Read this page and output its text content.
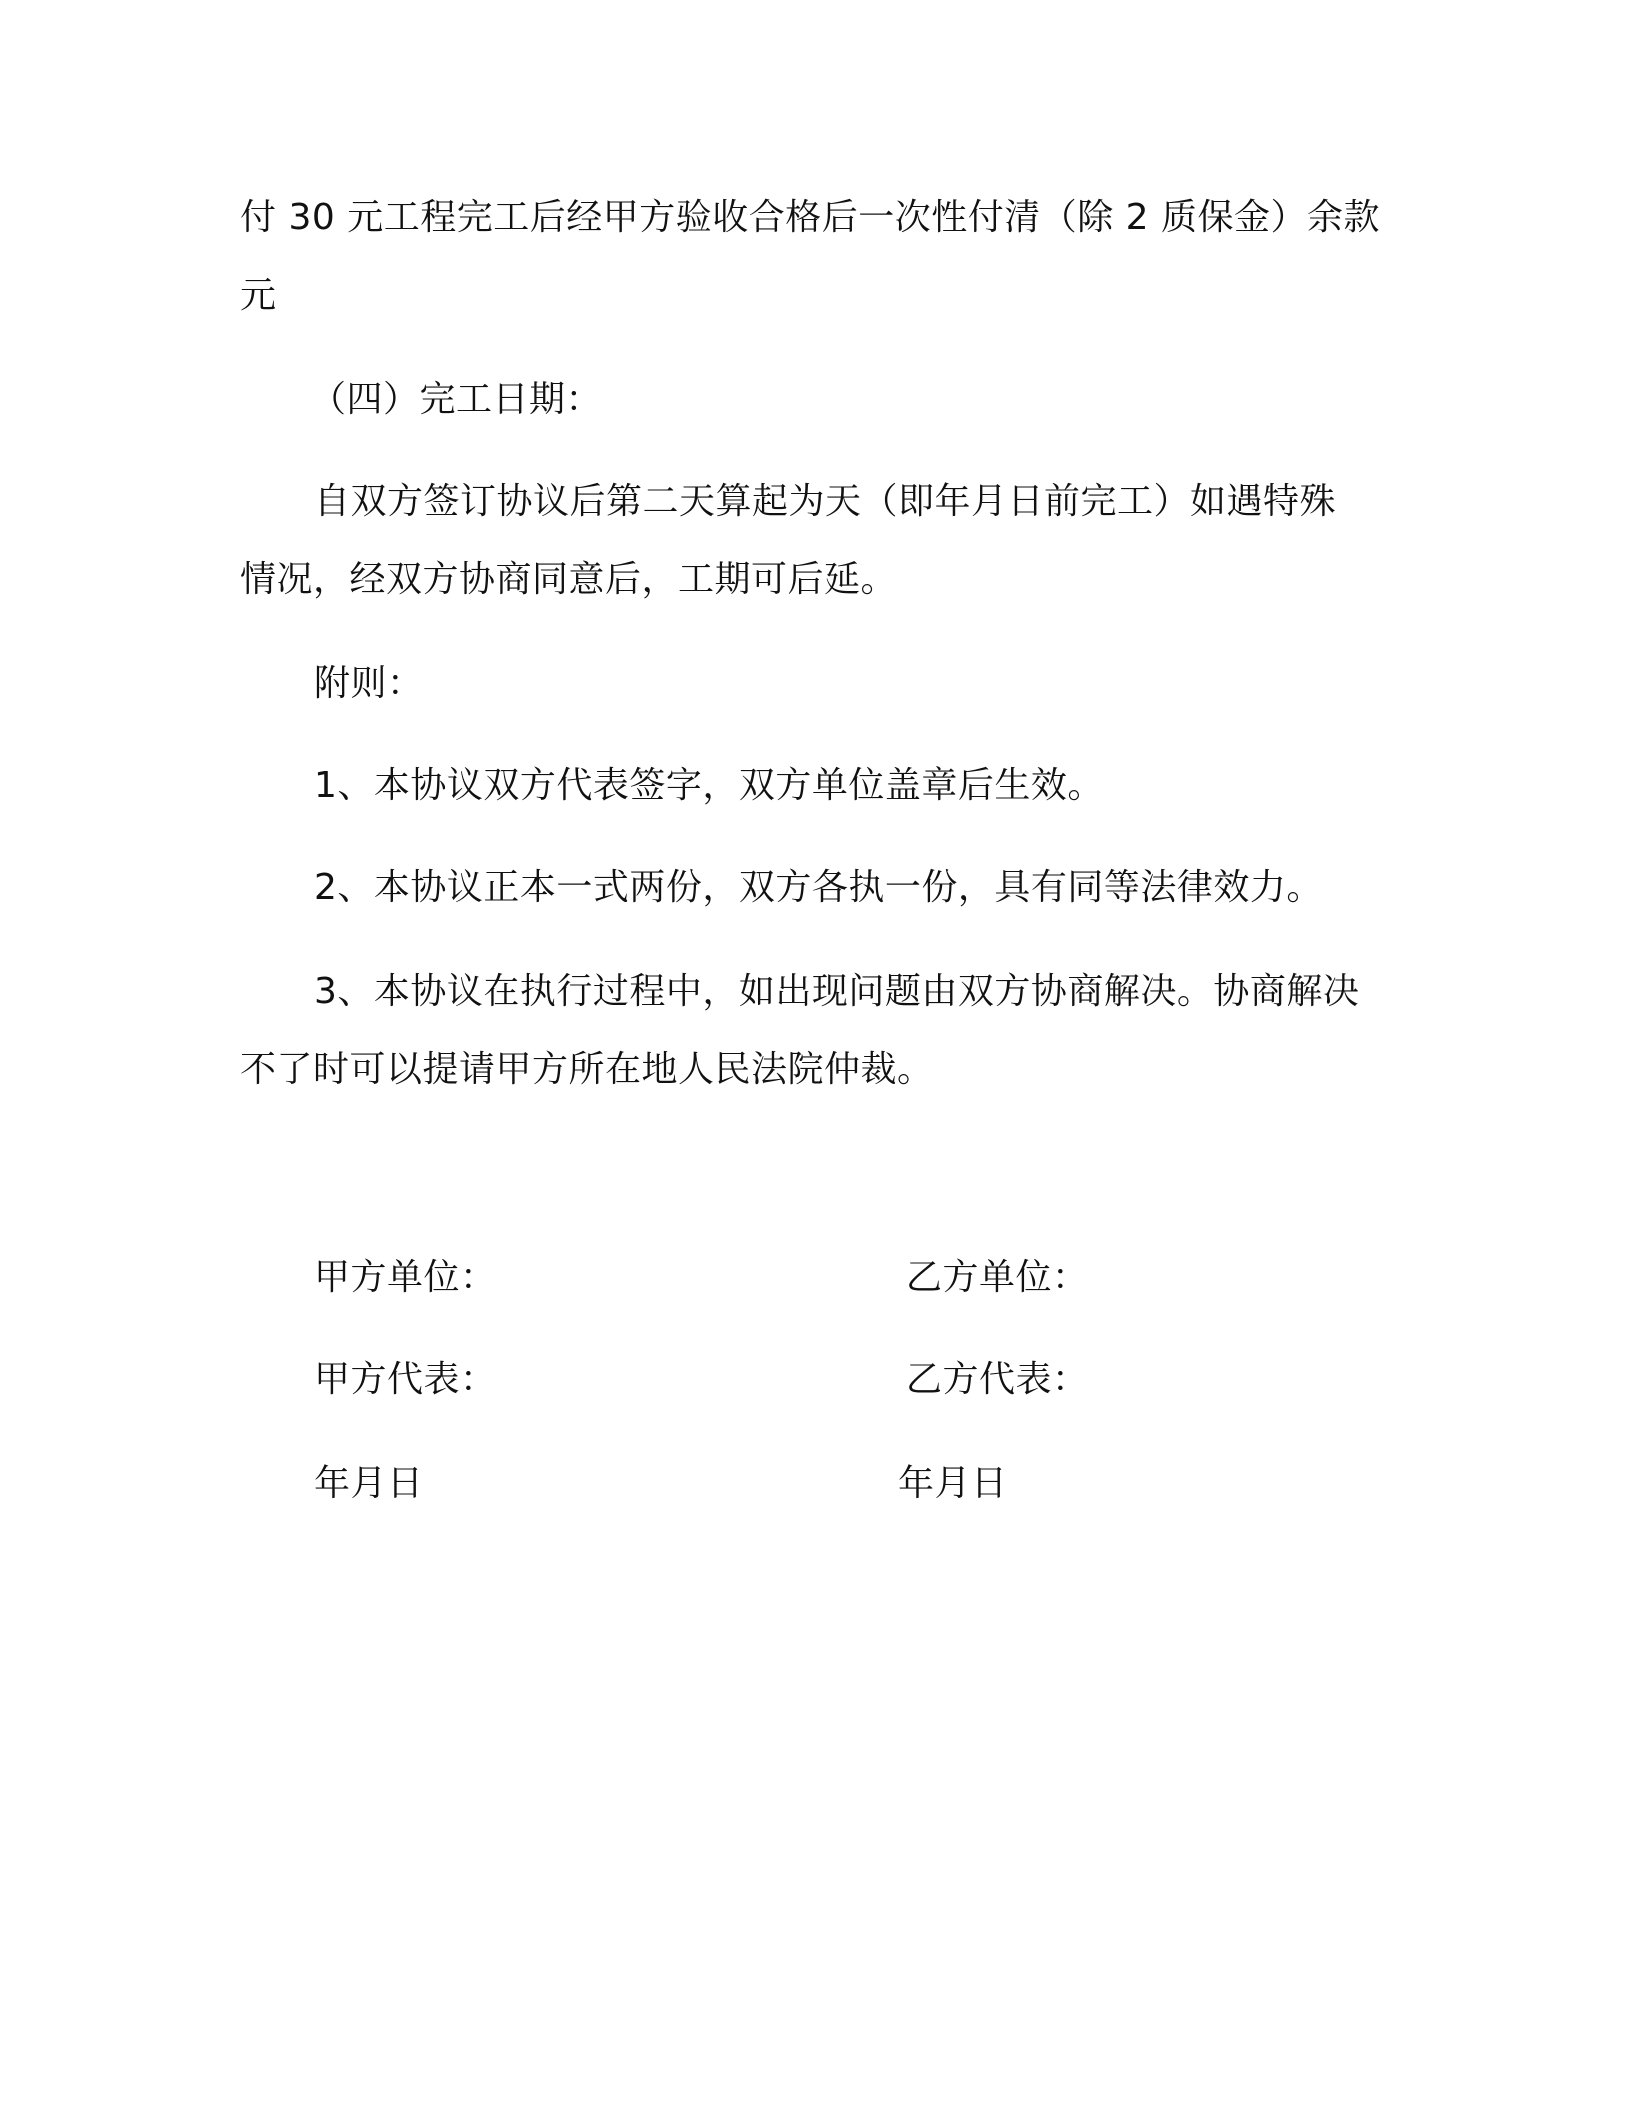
付 30 元工程完工后经甲方验收合格后一次性付清（除 2 质保金）余款
元
（四）完工日期：
自双方签订协议后第二天算起为天（即年月日前完工）如遇特殊
情况，经双方协商同意后，工期可后延。
附则：
1、本协议双方代表签字，双方单位盖章后生效。
2、本协议正本一式两份，双方各执一份，具有同等法律效力。
3、本协议在执行过程中，如出现问题由双方协商解决。协商解决
不了时可以提请甲方所在地人民法院仲裁。
甲方单位：	乙方单位：
甲方代表：	乙方代表：
年月日	年月日
